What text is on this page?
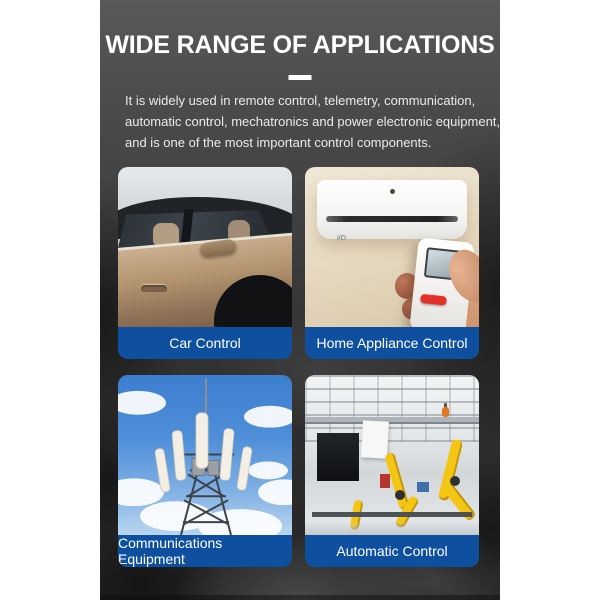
WIDE RANGE OF APPLICATIONS
It is widely used in remote control, telemetry, communication,
automatic control, mechatronics and power electronic equipment,
and is one of the most important control components.
Car Control
i/O
Home Appliance Control
Communications Equipment	Automatic Control
